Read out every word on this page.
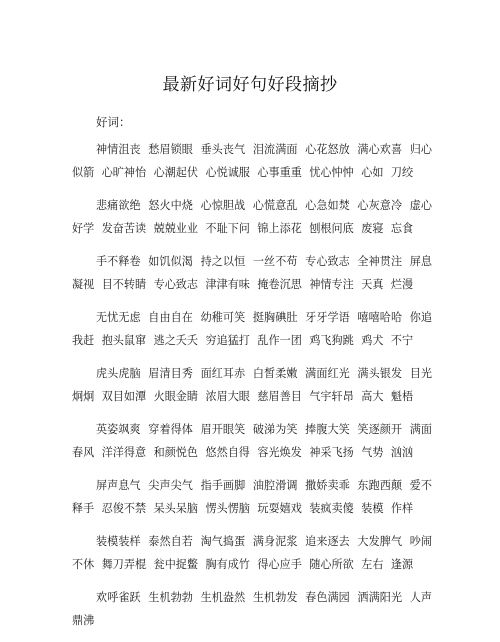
最新好词好句好段摘抄
好词：

神情沮丧 愁眉锁眼 垂头丧气 泪流满面 心花怒放 满心欢喜 归心似箭 心旷神怡 心潮起伏 心悦诚服 心事重重 忧心忡忡 心如 刀绞

悲痛欲绝 怒火中烧 心惊胆战 心慌意乱 心急如焚 心灰意冷 虚心好学 发奋苦读 兢兢业业 不耻下问 锦上添花 刨根问底 废寝 忘食

手不释卷 如饥似渴 持之以恒 一丝不苟 专心致志 全神贯注 屏息凝视 目不转睛 专心致志 津津有味 掩卷沉思 神情专注 天真 烂漫

无忧无虑 自由自在 幼稚可笑 挺胸碘肚 牙牙学语 嘻嘻哈哈 你追我赶 抱头鼠窜 逃之夭夭 穷追猛打 乱作一团 鸡飞狗跳 鸡犬 不宁

虎头虎脑 眉清目秀 面红耳赤 白皙柔嫩 满面红光 满头银发 目光炯炯 双目如潭 火眼金睛 浓眉大眼 慈眉善目 气宇轩昂 高大 魁梧

英姿飒爽 穿着得体 眉开眼笑 破涕为笑 捧腹大笑 笑逐颜开 满面春风 洋洋得意 和颜悦色 悠然自得 容光焕发 神采飞扬 气势 汹汹

屏声息气 尖声尖气 指手画脚 油腔滑调 撒娇卖乖 东跑西颠 爱不释手 忍俊不禁 呆头呆脑 愣头愣脑 玩耍嬉戏 装疯卖傻 装模 作样

装模装样 泰然自若 淘气捣蛋 满身泥浆 追来逐去 大发脾气 吵闹不休 舞刀弄棍 瓮中捉鳖 胸有成竹 得心应手 随心所欲 左右 逢源

欢呼雀跃 生机勃勃 生机盎然 生机勃发 春色满园 洒满阳光 人声鼎沸
